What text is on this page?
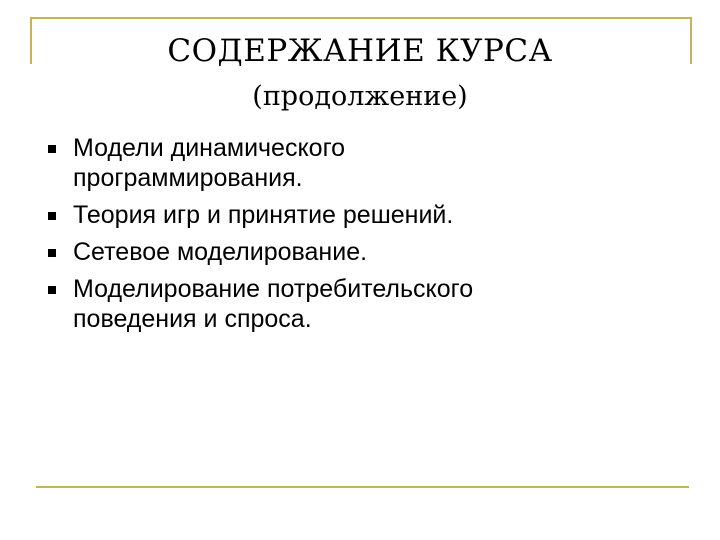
СОДЕРЖАНИЕ КУРСА
(продолжение)
Модели динамического
программирования.
Теория игр и принятие решений.
Сетевое моделирование.
Моделирование потребительского
поведения и спроса.
